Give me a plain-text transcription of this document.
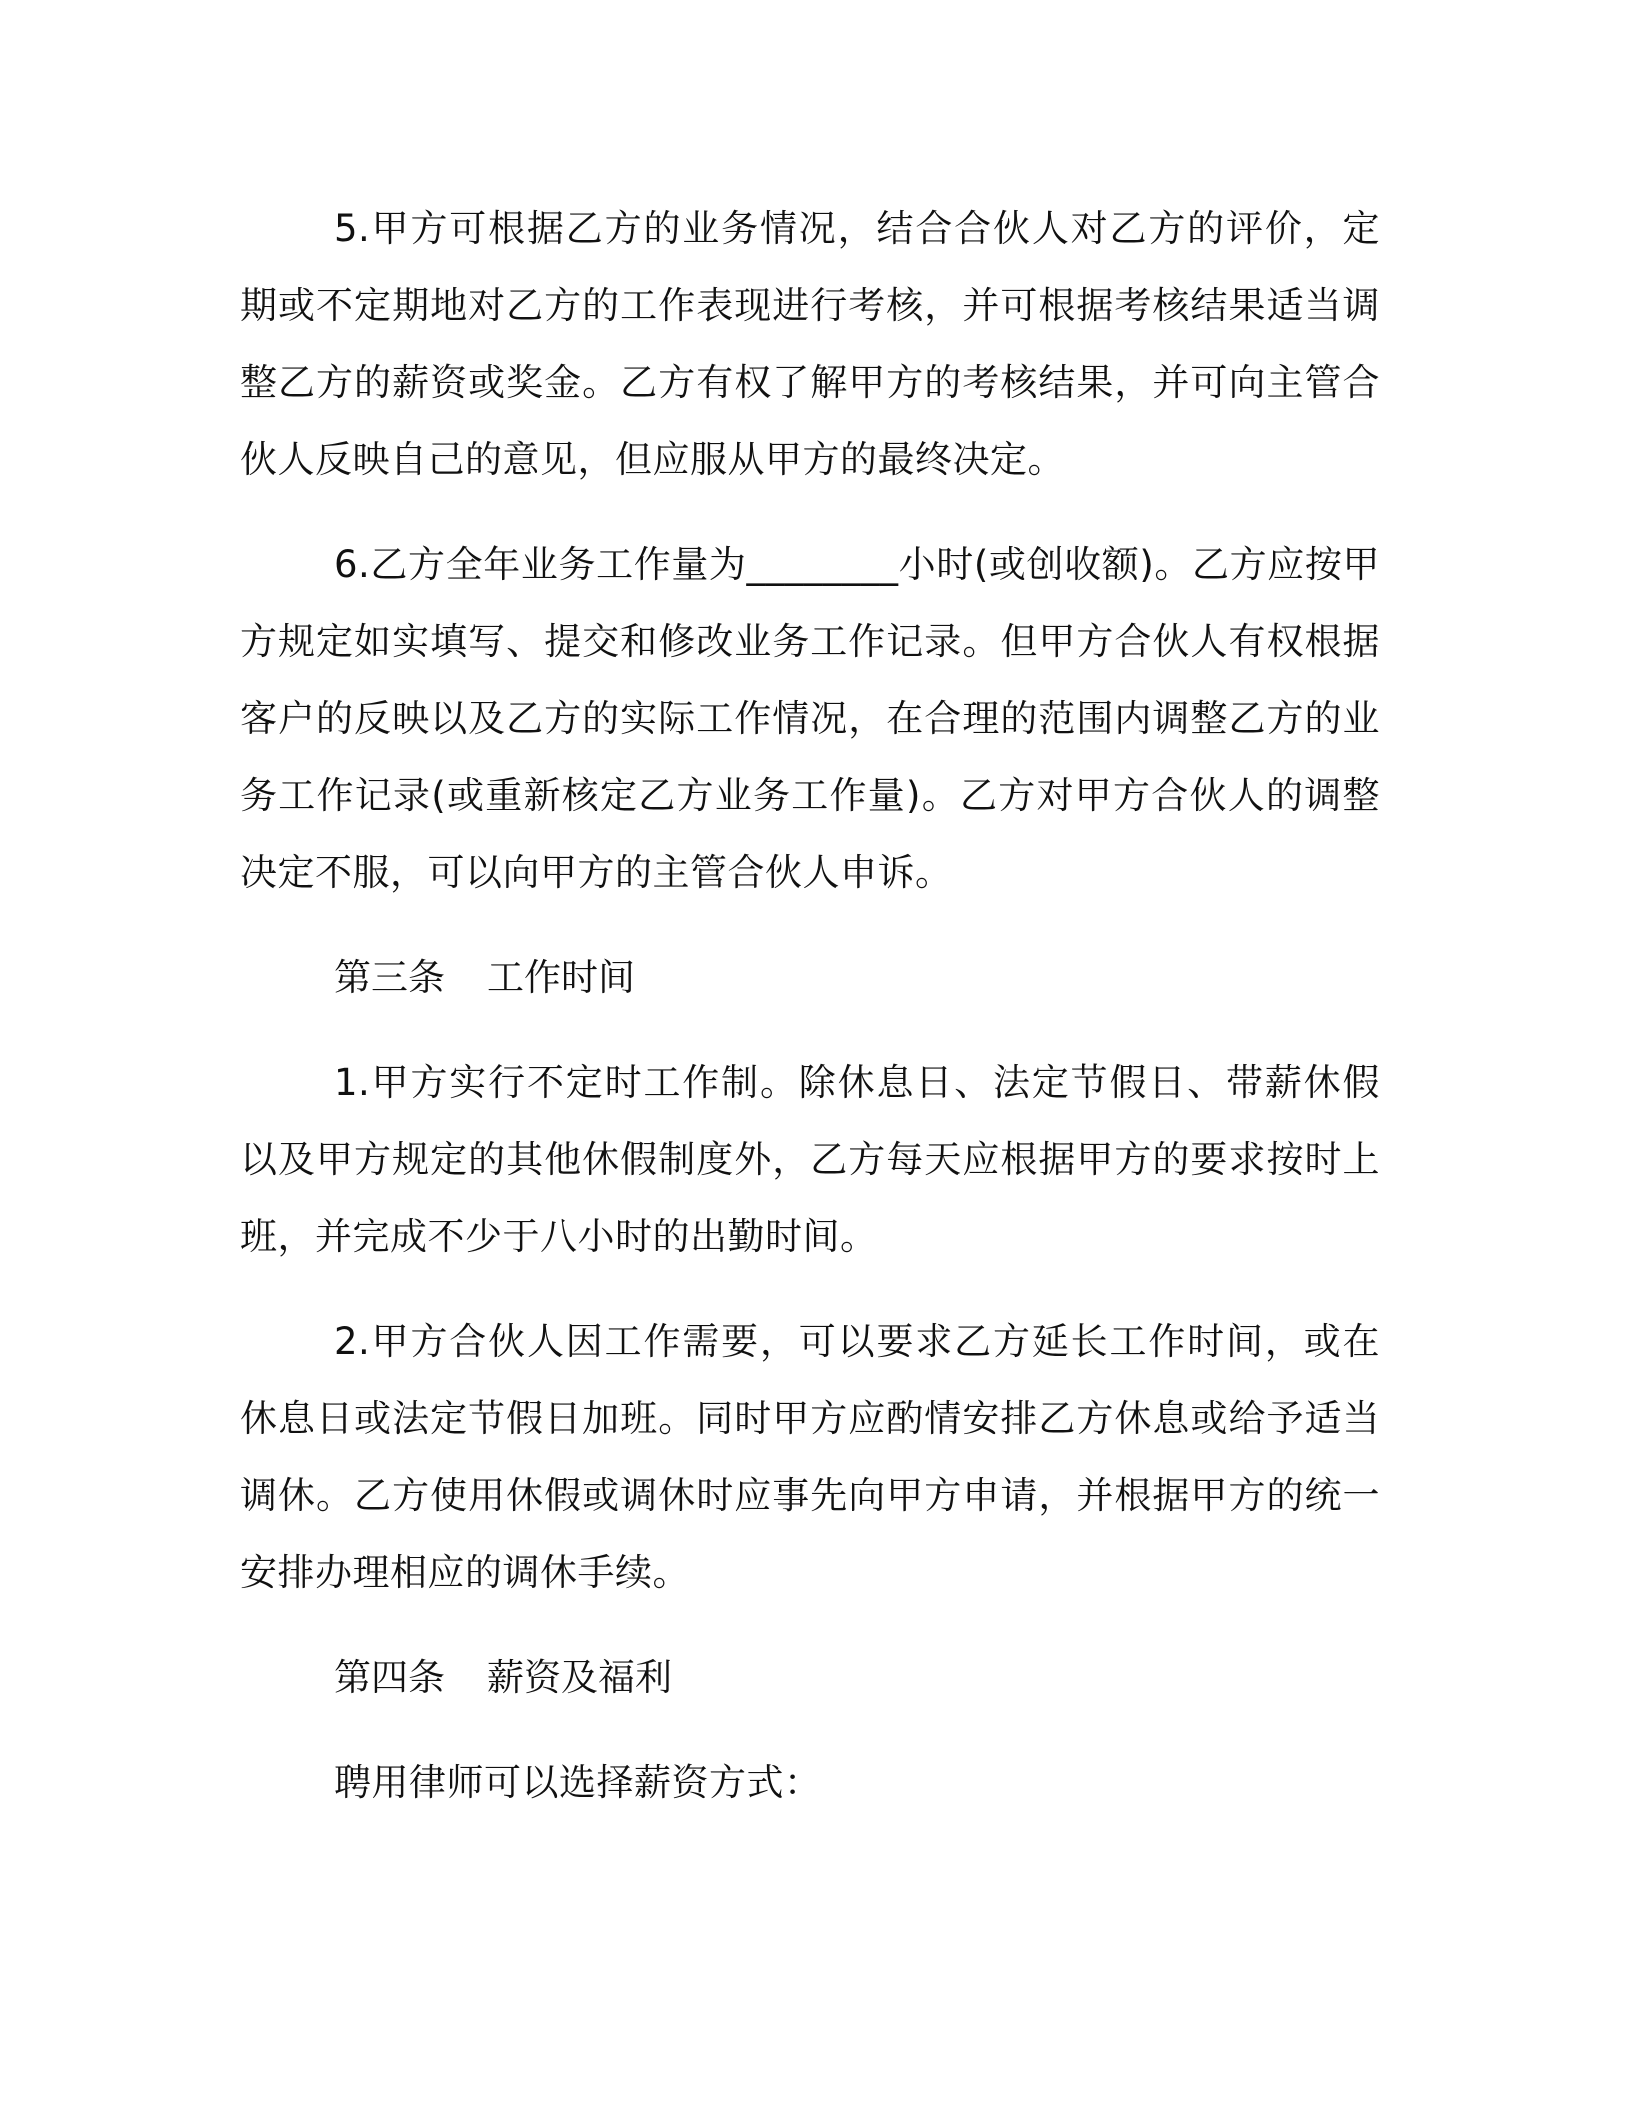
5.甲方可根据乙方的业务情况，结合合伙人对乙方的评价，定期或不定期地对乙方的工作表现进行考核，并可根据考核结果适当调整乙方的薪资或奖金。乙方有权了解甲方的考核结果，并可向主管合伙人反映自己的意见，但应服从甲方的最终决定。

6.乙方全年业务工作量为________小时(或创收额)。乙方应按甲方规定如实填写、提交和修改业务工作记录。但甲方合伙人有权根据客户的反映以及乙方的实际工作情况，在合理的范围内调整乙方的业务工作记录(或重新核定乙方业务工作量)。乙方对甲方合伙人的调整决定不服，可以向甲方的主管合伙人申诉。

第三条 工作时间

1.甲方实行不定时工作制。除休息日、法定节假日、带薪休假以及甲方规定的其他休假制度外，乙方每天应根据甲方的要求按时上班，并完成不少于八小时的出勤时间。

2.甲方合伙人因工作需要，可以要求乙方延长工作时间，或在休息日或法定节假日加班。同时甲方应酌情安排乙方休息或给予适当调休。乙方使用休假或调休时应事先向甲方申请，并根据甲方的统一安排办理相应的调休手续。

第四条 薪资及福利

聘用律师可以选择薪资方式：
